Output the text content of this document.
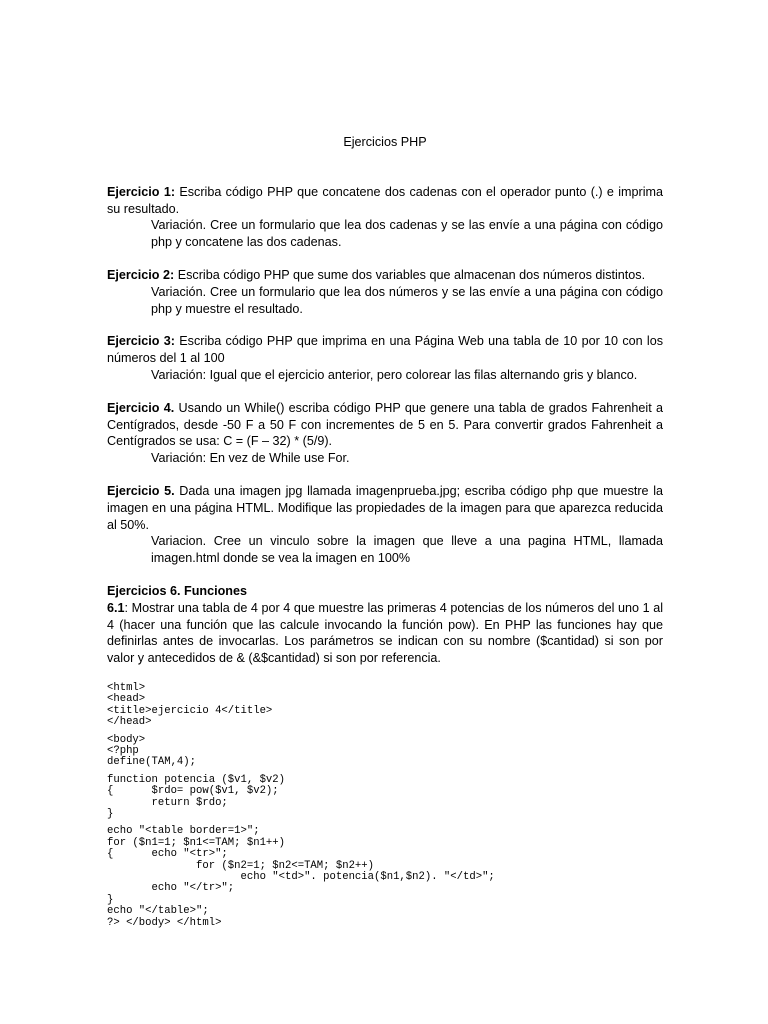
Ejercicios PHP

Ejercicio 1: Escriba código PHP que concatene dos cadenas con el operador punto (.) e imprima su resultado.

Variación. Cree un formulario que lea dos cadenas y se las envíe a una página con código php y concatene las dos cadenas.

Ejercicio 2: Escriba código PHP que sume dos variables que almacenan dos números distintos.

Variación. Cree un formulario que lea dos números y se las envíe a una página con código php y muestre el resultado.

Ejercicio 3: Escriba código PHP que imprima en una Página Web una tabla de 10 por 10 con los números del 1 al 100

Variación: Igual que el ejercicio anterior, pero colorear las filas alternando gris y blanco.

Ejercicio 4. Usando un While() escriba código PHP que genere una tabla de grados Fahrenheit a Centígrados, desde -50 F a 50 F con incrementes de 5 en 5. Para convertir grados Fahrenheit a Centígrados se usa: C = (F – 32) * (5/9).

Variación: En vez de While use For.

Ejercicio 5. Dada una imagen jpg llamada imagenprueba.jpg; escriba código php que muestre la imagen en una página HTML. Modifique las propiedades de la imagen para que aparezca reducida al 50%.

Variacion. Cree un vinculo sobre la imagen que lleve a una pagina HTML, llamada imagen.html donde se vea la imagen en 100%

Ejercicios 6. Funciones

6.1: Mostrar una tabla de 4 por 4 que muestre las primeras 4 potencias de los números del uno 1 al 4 (hacer una función que las calcule invocando la función pow). En PHP las funciones hay que definirlas antes de invocarlas. Los parámetros se indican con su nombre ($cantidad) si son por valor y antecedidos de & (&$cantidad) si son por referencia.

<html>
<head>
<title>ejercicio 4</title>
</head>
<body>
<?php
define(TAM,4);
function potencia ($v1, $v2)
{      $rdo= pow($v1, $v2);
return $rdo;
}
echo "<table border=1>";
for ($n1=1; $n1<=TAM; $n1++)
{      echo "<tr>";
for ($n2=1; $n2<=TAM; $n2++)
echo "<td>". potencia($n1,$n2). "</td>";
echo "</tr>";
}
echo "</table>";
?> </body> </html>
